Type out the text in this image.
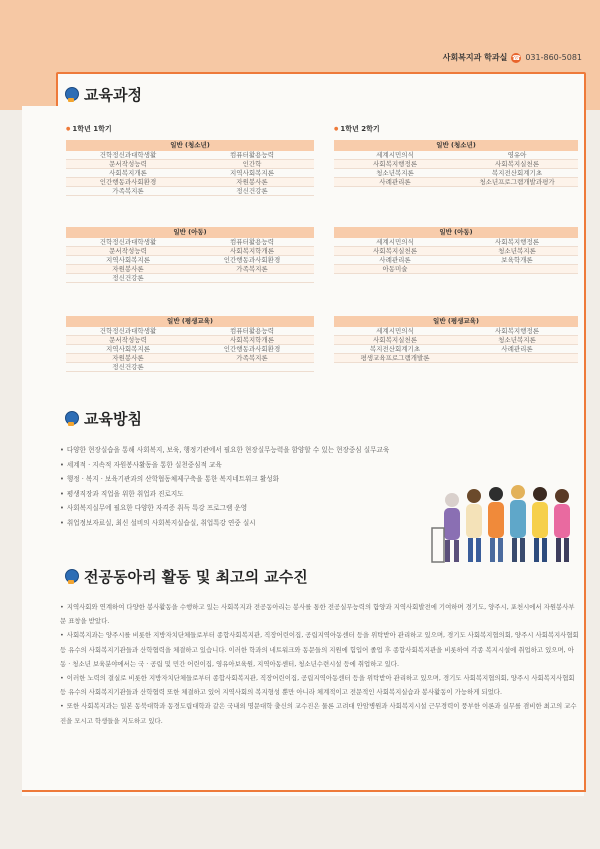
사회복지과 학과실 ☎ 031-860-5081
교육과정
● 1학년 1학기
●	1학년 2학기
일반 (청소년)
건학정신과대학생활	컴퓨터활용능력
문서작성능력	인간학
사회복지개론	지역사회복지론
인간행동과사회환경	자원봉사론
가족복지론	정신건강론
일반 (아동)
건학정신과대학생활	컴퓨터활용능력
문서작성능력	사회복지학개론
지역사회복지론	인간행동과사회환경
자원봉사론	가족복지론
정신건강론
일반 (평생교육)
건학정신과대학생활	컴퓨터활용능력
문서작성능력	사회복지학개론
지역사회복지론	인간행동과사회환경
자원봉사론	가족복지론
정신건강론
일반 (청소년)
세계시민의식	영유아
사회복지행정론	사회복지실천론
청소년복지론	복지전산회계기초
사례관리론	청소년프로그램개발과평가
일반 (아동)
세계시민의식	사회복지행정론
사회복지실천론	청소년복지론
사례관리론	보육학개론
아동미술
일반 (평생교육)
세계시민의식	사회복지행정론
사회복지실천론	청소년복지론
복지전산회계기초	사례관리론
평생교육프로그램개발론
교육방침
• 다양한 현장실습을 통해 사회복지, 보육, 행정기관에서 필요한 현장실무능력을 함양할 수 있는 현장중심 실무교육
• 세계적 · 지속적 자원봉사활동을 통한 실천중심적 교육
• 행정 · 복지 · 보육기관과의 산학협동체제구축을 통한 복지네트워크 활성화
• 평생직장과 직업을 위한 취업과 진로지도
• 사회복지실무에 필요한 다양한 자격증 취득 특강 프로그램 운영
• 취업정보자료실, 최신 설비의 사회복지실습실, 취업특강 연중 실시
전공동아리 활동 및 최고의 교수진
• 지역사회와 연계하여 다양한 봉사활동을 수행하고 있는 사회복지과 전공동아리는 봉사를 통한 전공실무능력의 함양과 지역사회발전에 기여하며 경기도, 양주시, 포천시에서 자원봉사부문 표창을 받았다.
• 사회복지과는 양주시를 비롯한 지방자치단체들로부터 종합사회복지관, 직장어린이집, 공립지역아동센터 등을 위탁받아 관리하고 있으며, 경기도 사회복지협의회, 양주시 사회복지사협회 등 유수의 사회복지기관들과 산학협력을 체결하고 있습니다. 이러한 학과의 네트워크와 동문들의 지원에 힘입어 졸업 후 종합사회복지관을 비롯하여 각종 복지시설에 취업하고 있으며, 아동 · 청소년 보육분야에서는 국 · 공립 및 민간 어린이집, 영유아보육원, 지역아동센터, 청소년수련시설 등에 취업하고 있다.
• 이러한 노력의 결실로 비롯한 지방자치단체들로부터 종합사회복지관, 직장어린이집, 공립지역아동센터 등을 위탁받아 관리하고 있으며, 경기도 사회복지협의회, 양주시 사회복지사협회 등 유수의 사회복지기관들과 산학협력 또한 체결하고 있어 지역사회의 복지형성 뿐만 아니라 체계적이고 전문적인 사회복지실습과 봉사활동이 가능하게 되었다.
• 또한 사회복지과는 일본 동북대학과 동경도립대학과 같은 국내외 명문대학 출신의 교수진은 물론 고려대 안암병원과 사회복지시설 근무경력이 풍부한 이론과 실무를 겸비한 최고의 교수진을 모시고 학생들을 지도하고 있다.
